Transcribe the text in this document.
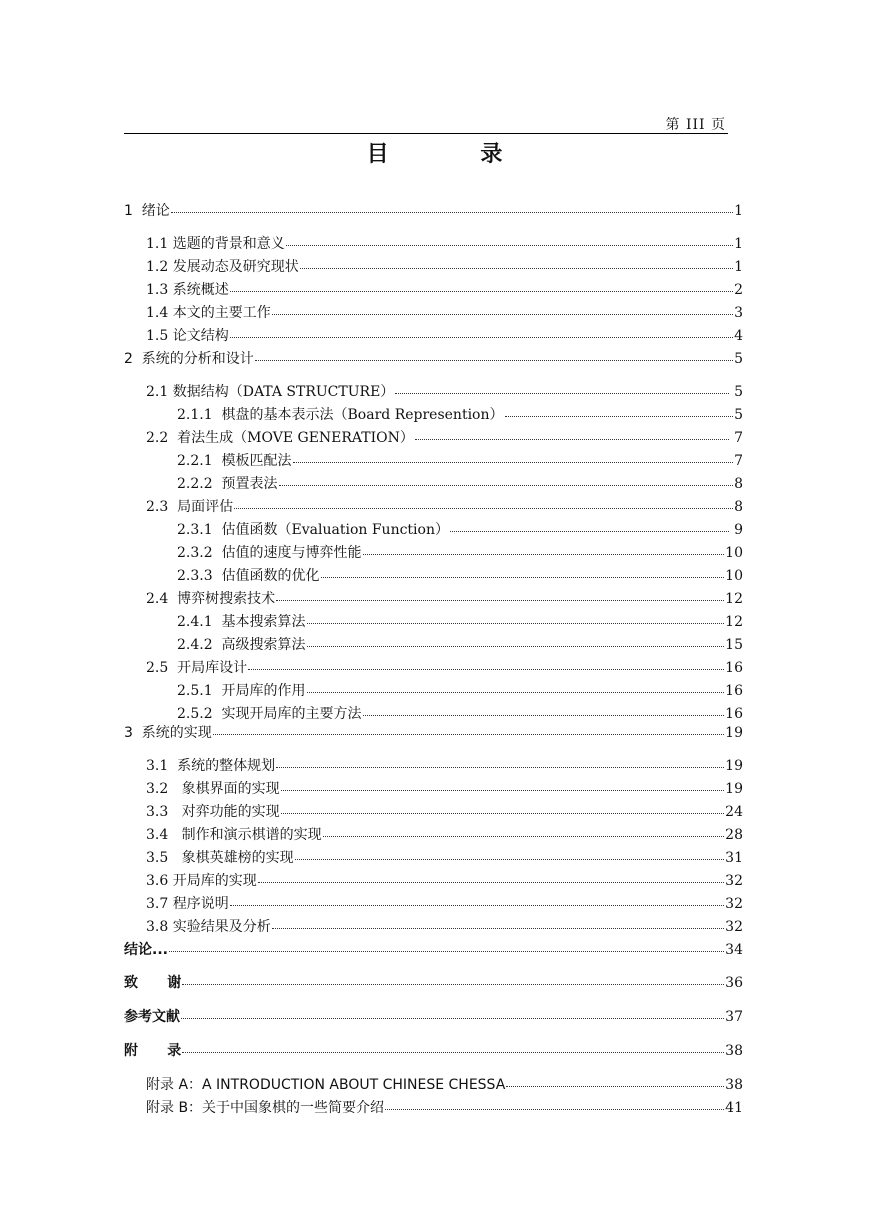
第 III 页
目 录
1  绪论	1
1.1 选题的背景和意义	1
1.2 发展动态及研究现状	1
1.3 系统概述	2
1.4 本文的主要工作	3
1.5 论文结构	4
2  系统的分析和设计	5
2.1 数据结构（DATA STRUCTURE）	5
2.1.1  棋盘的基本表示法（Board Represention）	5
2.2  着法生成（MOVE GENERATION）	7
2.2.1  模板匹配法	7
2.2.2  预置表法	8
2.3  局面评估	8
2.3.1  估值函数（Evaluation Function）	9
2.3.2  估值的速度与博弈性能	10
2.3.3  估值函数的优化	10
2.4  博弈树搜索技术	12
2.4.1  基本搜索算法	12
2.4.2  高级搜索算法	15
2.5  开局库设计	16
2.5.1  开局库的作用	16
2.5.2  实现开局库的主要方法	16
3  系统的实现	19
3.1  系统的整体规划	19
3.2   象棋界面的实现	19
3.3   对弈功能的实现	24
3.4   制作和演示棋谱的实现	28
3.5   象棋英雄榜的实现	31
3.6 开局库的实现	32
3.7 程序说明	32
3.8 实验结果及分析	32
结论...	34
致      谢	36
参考文献	37
附      录	38
附录 A：A INTRODUCTION ABOUT CHINESE CHESSA	38
附录 B：关于中国象棋的一些简要介绍	41
